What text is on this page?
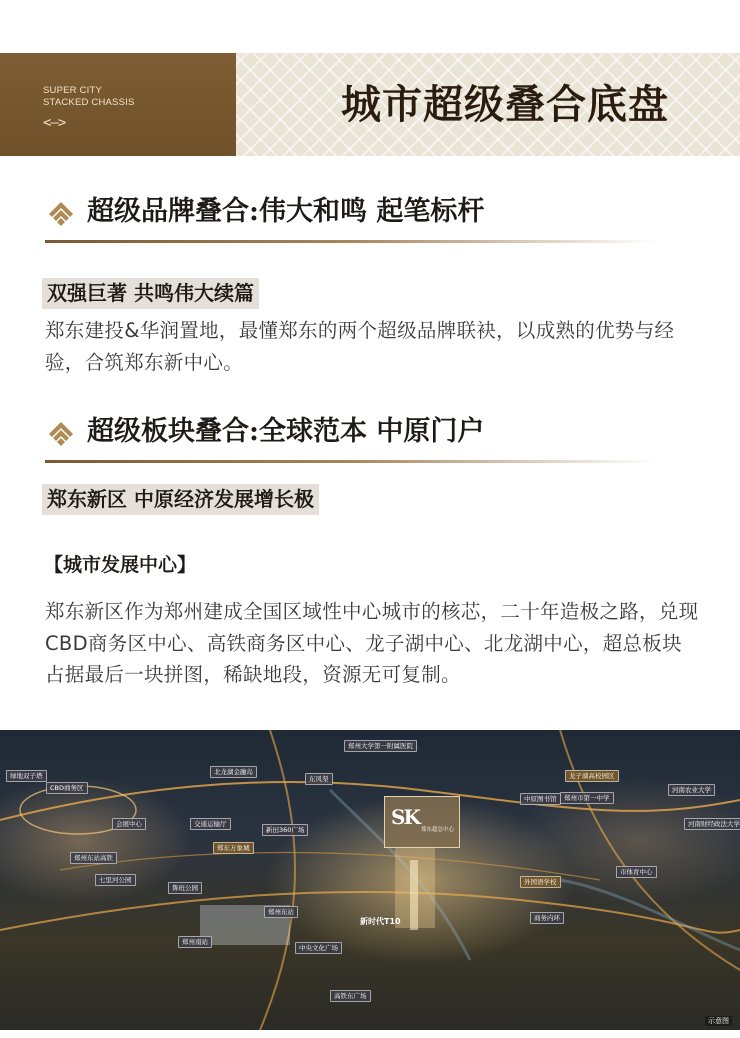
SUPER CITY
STACKED CHASSIS
<—>	城市超级叠合底盘
超级品牌叠合:伟大和鸣 起笔标杆
双强巨著 共鸣伟大续篇
郑东建投&华润置地，最懂郑东的两个超级品牌联袂，以成熟的优势与经验，合筑郑东新中心。
超级板块叠合:全球范本 中原门户
郑东新区 中原经济发展增长极
【城市发展中心】
郑东新区作为郑州建成全国区域性中心城市的核芯，二十年造极之路，兑现CBD商务区中心、高铁商务区中心、龙子湖中心、北龙湖中心，超总板块占据最后一块拼图，稀缺地段，资源无可复制。
SK
郑东超总中心
新时代T10
绿地双子塔
CBD商务区
会展中心
东风渠
北龙湖金融岛
郑州大学第一附属医院
龙子湖高校园区
交通运输厅
新田360广场
郑东万象城
郑州东站
七里河公园
郑州东站高铁
中央文化广场
鲁班公园
郑州南站
高铁东广场
河南农业大学
河南财经政法大学
郑州市第一中学
外国语学校
中原图书馆
市体育中心
商务内环
示意图
